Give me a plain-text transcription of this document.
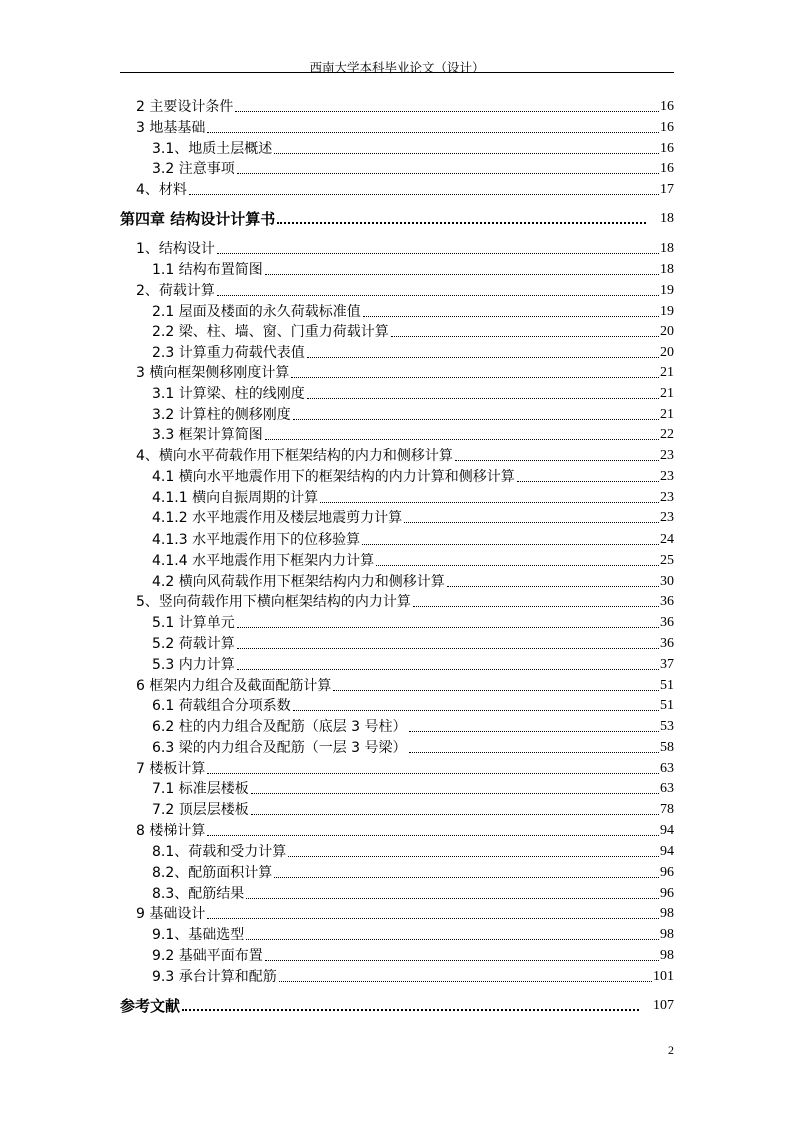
西南大学本科毕业论文（设计）
2 主要设计条件	16
3 地基基础	16
3.1、地质土层概述	16
3.2 注意事项	16
4、材料	17
第四章 结构设计计算书	18
1、结构设计	18
1.1 结构布置简图	18
2、荷载计算	19
2.1 屋面及楼面的永久荷载标准值	19
2.2 梁、柱、墙、窗、门重力荷载计算	20
2.3 计算重力荷载代表值	20
3 横向框架侧移刚度计算	21
3.1 计算梁、柱的线刚度	21
3.2 计算柱的侧移刚度	21
3.3 框架计算简图	22
4、横向水平荷载作用下框架结构的内力和侧移计算	23
4.1 横向水平地震作用下的框架结构的内力计算和侧移计算	23
4.1.1 横向自振周期的计算	23
4.1.2 水平地震作用及楼层地震剪力计算	23
4.1.3 水平地震作用下的位移验算	24
4.1.4 水平地震作用下框架内力计算	25
4.2 横向风荷载作用下框架结构内力和侧移计算	30
5、竖向荷载作用下横向框架结构的内力计算	36
5.1 计算单元	36
5.2 荷载计算	36
5.3 内力计算	37
6 框架内力组合及截面配筋计算	51
6.1 荷载组合分项系数	51
6.2 柱的内力组合及配筋（底层 3 号柱）	53
6.3 梁的内力组合及配筋（一层 3 号梁）	58
7 楼板计算	63
7.1 标准层楼板	63
7.2 顶层层楼板	78
8 楼梯计算	94
8.1、荷载和受力计算	94
8.2、配筋面积计算	96
8.3、配筋结果	96
9 基础设计	98
9.1、基础选型	98
9.2 基础平面布置	98
9.3 承台计算和配筋	101
参考文献	107
2
